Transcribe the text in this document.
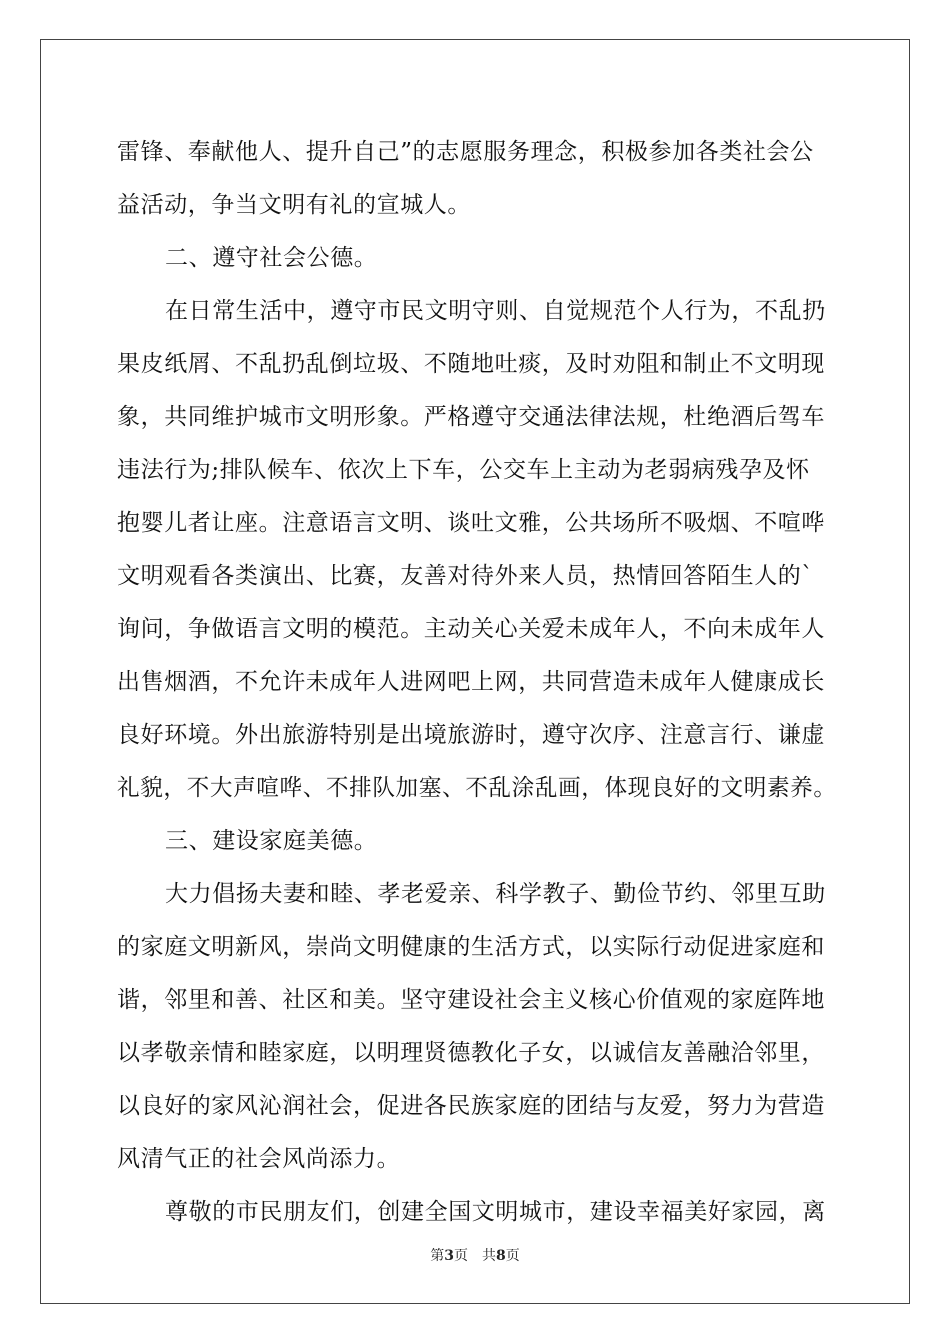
雷锋、奉献他人、提升自己”的志愿服务理念，积极参加各类社会公
益活动，争当文明有礼的宣城人。
二、遵守社会公德。
在日常生活中，遵守市民文明守则、自觉规范个人行为，不乱扔
果皮纸屑、不乱扔乱倒垃圾、不随地吐痰，及时劝阻和制止不文明现
象，共同维护城市文明形象。严格遵守交通法律法规，杜绝酒后驾车
违法行为;排队候车、依次上下车，公交车上主动为老弱病残孕及怀
抱婴儿者让座。注意语言文明、谈吐文雅，公共场所不吸烟、不喧哗
文明观看各类演出、比赛，友善对待外来人员，热情回答陌生人的`
询问，争做语言文明的模范。主动关心关爱未成年人，不向未成年人
出售烟酒，不允许未成年人进网吧上网，共同营造未成年人健康成长
良好环境。外出旅游特别是出境旅游时，遵守次序、注意言行、谦虚
礼貌，不大声喧哗、不排队加塞、不乱涂乱画，体现良好的文明素养。
三、建设家庭美德。
大力倡扬夫妻和睦、孝老爱亲、科学教子、勤俭节约、邻里互助
的家庭文明新风，崇尚文明健康的生活方式，以实际行动促进家庭和
谐，邻里和善、社区和美。坚守建设社会主义核心价值观的家庭阵地
以孝敬亲情和睦家庭，以明理贤德教化子女，以诚信友善融洽邻里，
以良好的家风沁润社会，促进各民族家庭的团结与友爱，努力为营造
风清气正的社会风尚添力。
尊敬的市民朋友们，创建全国文明城市，建设幸福美好家园，离
第3页 共8页
